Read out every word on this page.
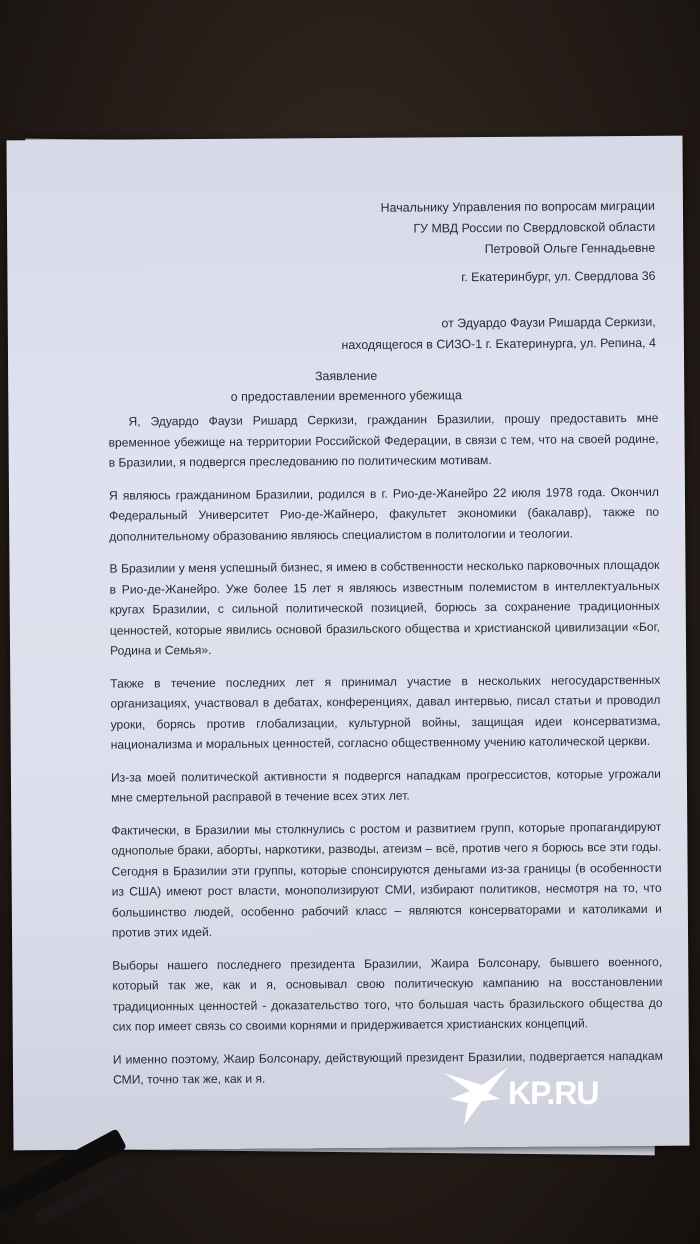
Начальнику Управления по вопросам миграции
ГУ МВД России по Свердловской области
Петровой Ольге Геннадьевне
г. Екатеринбург, ул. Свердлова 36
от Эдуардо Фаузи Ришарда Серкизи,
находящегося в СИЗО-1 г. Екатеринурга, ул. Репина, 4
Заявление
о предоставлении временного убежища

Я, Эдуардо Фаузи Ришард Серкизи, гражданин Бразилии, прошу предоставить мне временное убежище на территории Российской Федерации, в связи с тем, что на своей родине, в Бразилии, я подвергся преследованию по политическим мотивам.

Я являюсь гражданином Бразилии, родился в г. Рио-де-Жанейро 22 июля 1978 года. Окончил Федеральный Университет Рио-де-Жайнеро, факультет экономики (бакалавр), также по дополнительному образованию являюсь специалистом в политологии и теологии.

В Бразилии у меня успешный бизнес, я имею в собственности несколько парковочных площадок в Рио-де-Жанейро. Уже более 15 лет я являюсь известным полемистом в интеллектуальных кругах Бразилии, с сильной политической позицией, борюсь за сохранение традиционных ценностей, которые явились основой бразильского общества и христианской цивилизации «Бог, Родина и Семья».

Также в течение последних лет я принимал участие в нескольких негосударственных организациях, участвовал в дебатах, конференциях, давал интервью, писал статьи и проводил уроки, борясь против глобализации, культурной войны, защищая идеи консерватизма, национализма и моральных ценностей, согласно общественному учению католической церкви.

Из-за моей политической активности я подвергся нападкам прогрессистов, которые угрожали мне смертельной расправой в течение всех этих лет.

Фактически, в Бразилии мы столкнулись с ростом и развитием групп, которые пропагандируют однополые браки, аборты, наркотики, разводы, атеизм – всё, против чего я борюсь все эти годы. Сегодня в Бразилии эти группы, которые спонсируются деньгами из-за границы (в особенности из США) имеют рост власти, монополизируют СМИ, избирают политиков, несмотря на то, что большинство людей, особенно рабочий класс – являются консерваторами и католиками и против этих идей.

Выборы нашего последнего президента Бразилии, Жаира Болсонару, бывшего военного, который так же, как и я, основывал свою политическую кампанию на восстановлении традиционных ценностей - доказательство того, что большая часть бразильского общества до сих пор имеет связь со своими корнями и придерживается христианских концепций.

И именно поэтому, Жаир Болсонару, действующий президент Бразилии, подвергается нападкам СМИ, точно так же, как и я.	KP.RU
